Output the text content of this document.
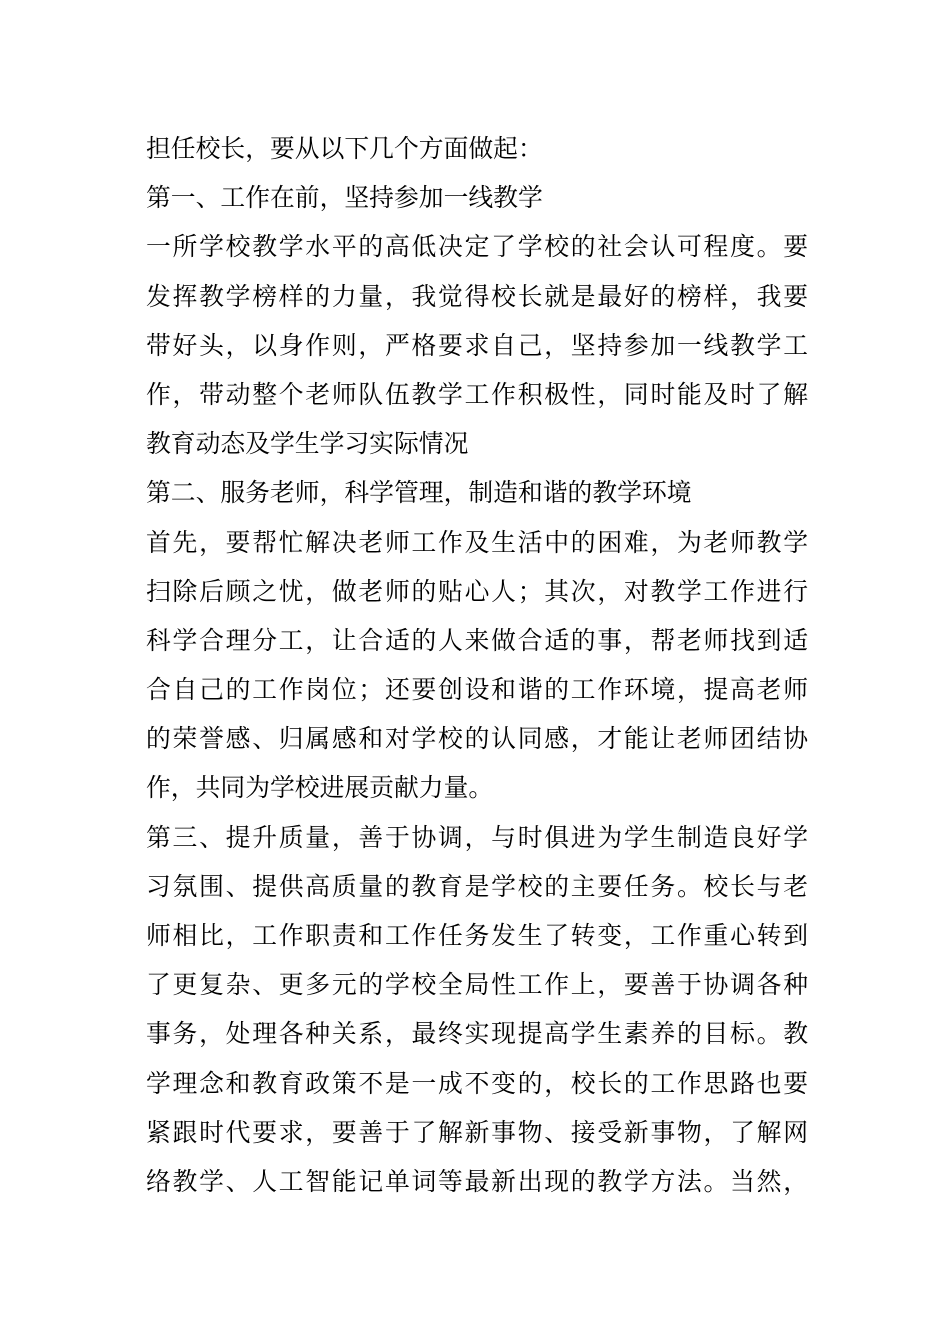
担任校长，要从以下几个方面做起：
第一、工作在前，坚持参加一线教学
一所学校教学水平的高低决定了学校的社会认可程度。要
发挥教学榜样的力量，我觉得校长就是最好的榜样，我要
带好头，以身作则，严格要求自己，坚持参加一线教学工
作，带动整个老师队伍教学工作积极性，同时能及时了解
教育动态及学生学习实际情况
第二、服务老师，科学管理，制造和谐的教学环境
首先，要帮忙解决老师工作及生活中的困难，为老师教学
扫除后顾之忧，做老师的贴心人；其次，对教学工作进行
科学合理分工，让合适的人来做合适的事，帮老师找到适
合自己的工作岗位；还要创设和谐的工作环境，提高老师
的荣誉感、归属感和对学校的认同感，才能让老师团结协
作，共同为学校进展贡献力量。
第三、提升质量，善于协调，与时俱进为学生制造良好学
习氛围、提供高质量的教育是学校的主要任务。校长与老
师相比，工作职责和工作任务发生了转变，工作重心转到
了更复杂、更多元的学校全局性工作上，要善于协调各种
事务，处理各种关系，最终实现提高学生素养的目标。教
学理念和教育政策不是一成不变的，校长的工作思路也要
紧跟时代要求，要善于了解新事物、接受新事物，了解网
络教学、人工智能记单词等最新出现的教学方法。当然，
